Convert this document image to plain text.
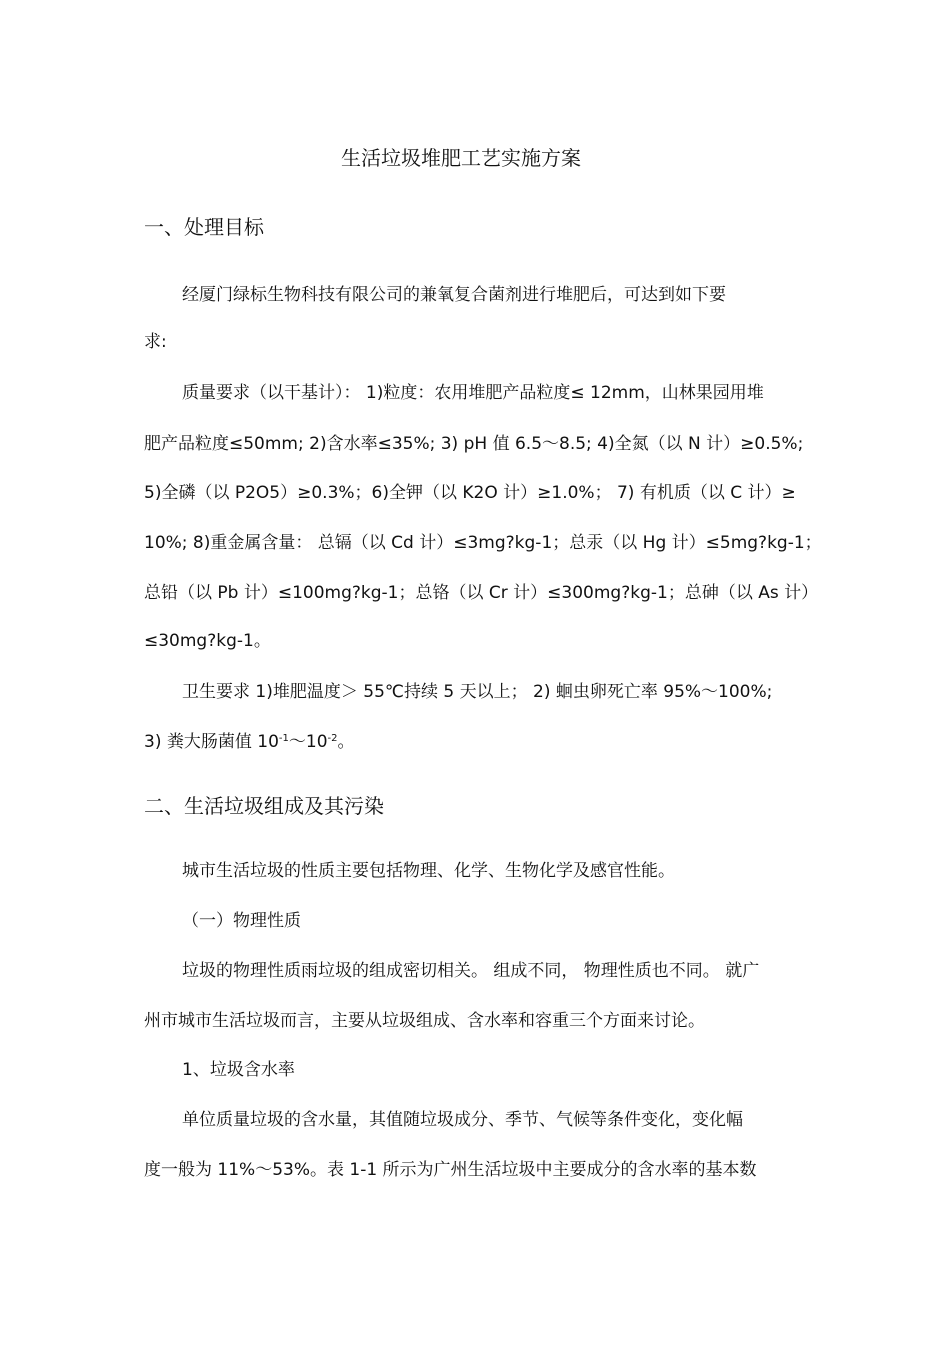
生活垃圾堆肥工艺实施方案
一、处理目标
经厦门绿标生物科技有限公司的兼氧复合菌剂进行堆肥后，可达到如下要
求:
质量要求（以干基计）： 1)粒度：农用堆肥产品粒度≤ 12mm，山林果园用堆
肥产品粒度≤50mm; 2)含水率≤35%; 3) pH 值 6.5～8.5; 4)全氮（以 N 计）≥0.5%;
5)全磷（以 P2O5）≥0.3%；6)全钾（以 K2O 计）≥1.0%； 7) 有机质（以 C 计）≥
10%; 8)重金属含量： 总镉（以 Cd 计）≤3mg?kg-1；总汞（以 Hg 计）≤5mg?kg-1；
总铅（以 Pb 计）≤100mg?kg-1；总铬（以 Cr 计）≤300mg?kg-1；总砷（以 As 计）
≤30mg?kg-1。
卫生要求 1)堆肥温度＞ 55℃持续 5 天以上； 2) 蛔虫卵死亡率 95%～100%;
3) 粪大肠菌值 $10^{-1}\sim 10^{-2}$。
二、生活垃圾组成及其污染
城市生活垃圾的性质主要包括物理、化学、生物化学及感官性能。
（一）物理性质
垃圾的物理性质雨垃圾的组成密切相关。 组成不同， 物理性质也不同。 就广
州市城市生活垃圾而言，主要从垃圾组成、含水率和容重三个方面来讨论。
1、垃圾含水率
单位质量垃圾的含水量，其值随垃圾成分、季节、气候等条件变化，变化幅
度一般为 11%～53%。表 1-1 所示为广州生活垃圾中主要成分的含水率的基本数
